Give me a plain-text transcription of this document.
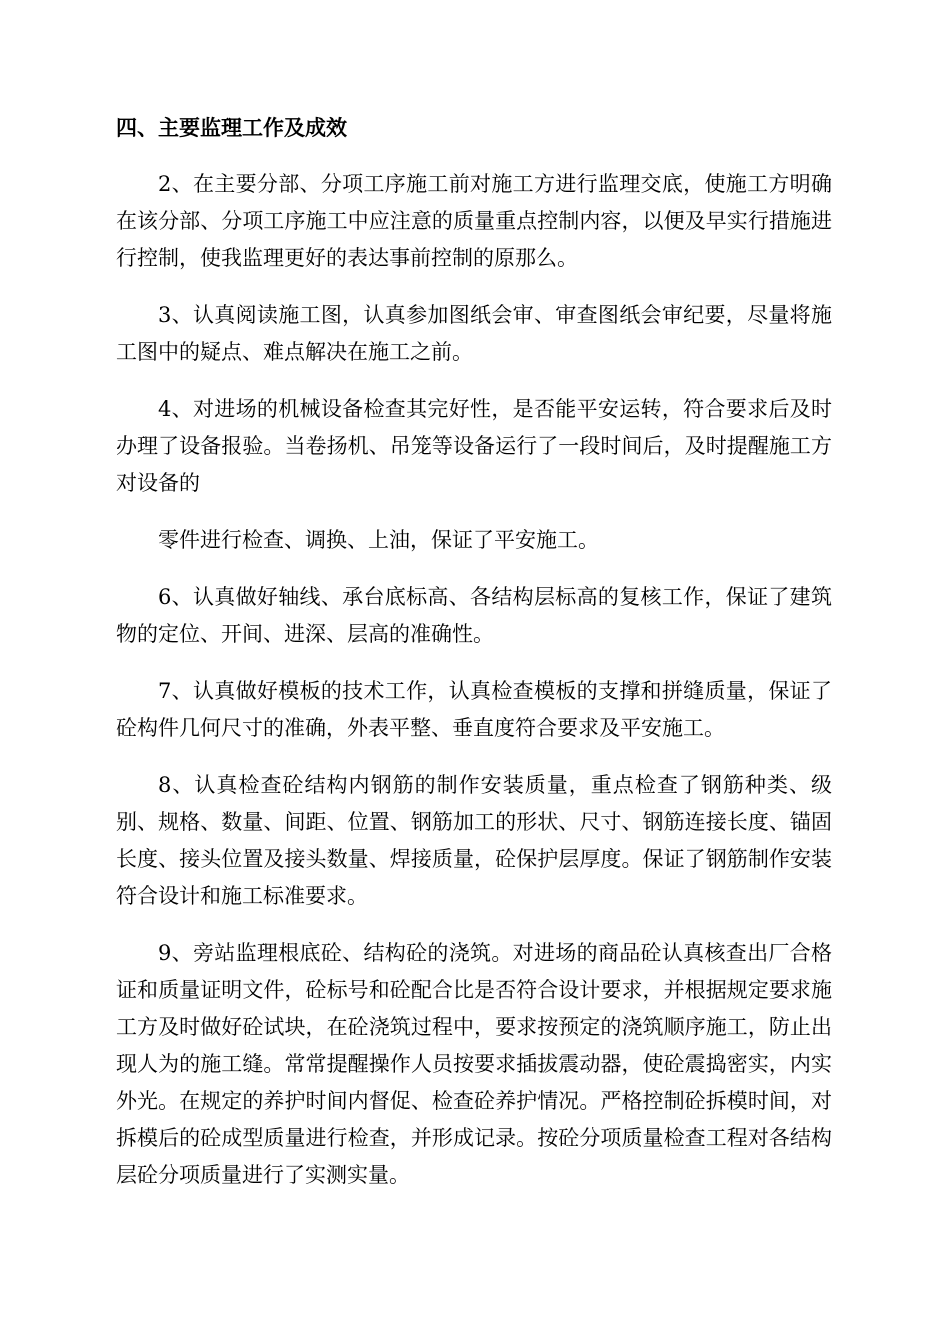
四、主要监理工作及成效

2、在主要分部、分项工序施工前对施工方进行监理交底，使施工方明确在该分部、分项工序施工中应注意的质量重点控制内容，以便及早实行措施进行控制，使我监理更好的表达事前控制的原那么。

3、认真阅读施工图，认真参加图纸会审、审查图纸会审纪要，尽量将施工图中的疑点、难点解决在施工之前。

4、对进场的机械设备检查其完好性，是否能平安运转，符合要求后及时办理了设备报验。当卷扬机、吊笼等设备运行了一段时间后，及时提醒施工方对设备的

零件进行检查、调换、上油，保证了平安施工。

6、认真做好轴线、承台底标高、各结构层标高的复核工作，保证了建筑物的定位、开间、进深、层高的准确性。

7、认真做好模板的技术工作，认真检查模板的支撑和拼缝质量，保证了砼构件几何尺寸的准确，外表平整、垂直度符合要求及平安施工。

8、认真检查砼结构内钢筋的制作安装质量，重点检查了钢筋种类、级别、规格、数量、间距、位置、钢筋加工的形状、尺寸、钢筋连接长度、锚固长度、接头位置及接头数量、焊接质量，砼保护层厚度。保证了钢筋制作安装符合设计和施工标准要求。

9、旁站监理根底砼、结构砼的浇筑。对进场的商品砼认真核查出厂合格证和质量证明文件，砼标号和砼配合比是否符合设计要求，并根据规定要求施工方及时做好砼试块，在砼浇筑过程中，要求按预定的浇筑顺序施工，防止出现人为的施工缝。常常提醒操作人员按要求插拔震动器，使砼震捣密实，内实外光。在规定的养护时间内督促、检查砼养护情况。严格控制砼拆模时间，对拆模后的砼成型质量进行检查，并形成记录。按砼分项质量检查工程对各结构层砼分项质量进行了实测实量。
